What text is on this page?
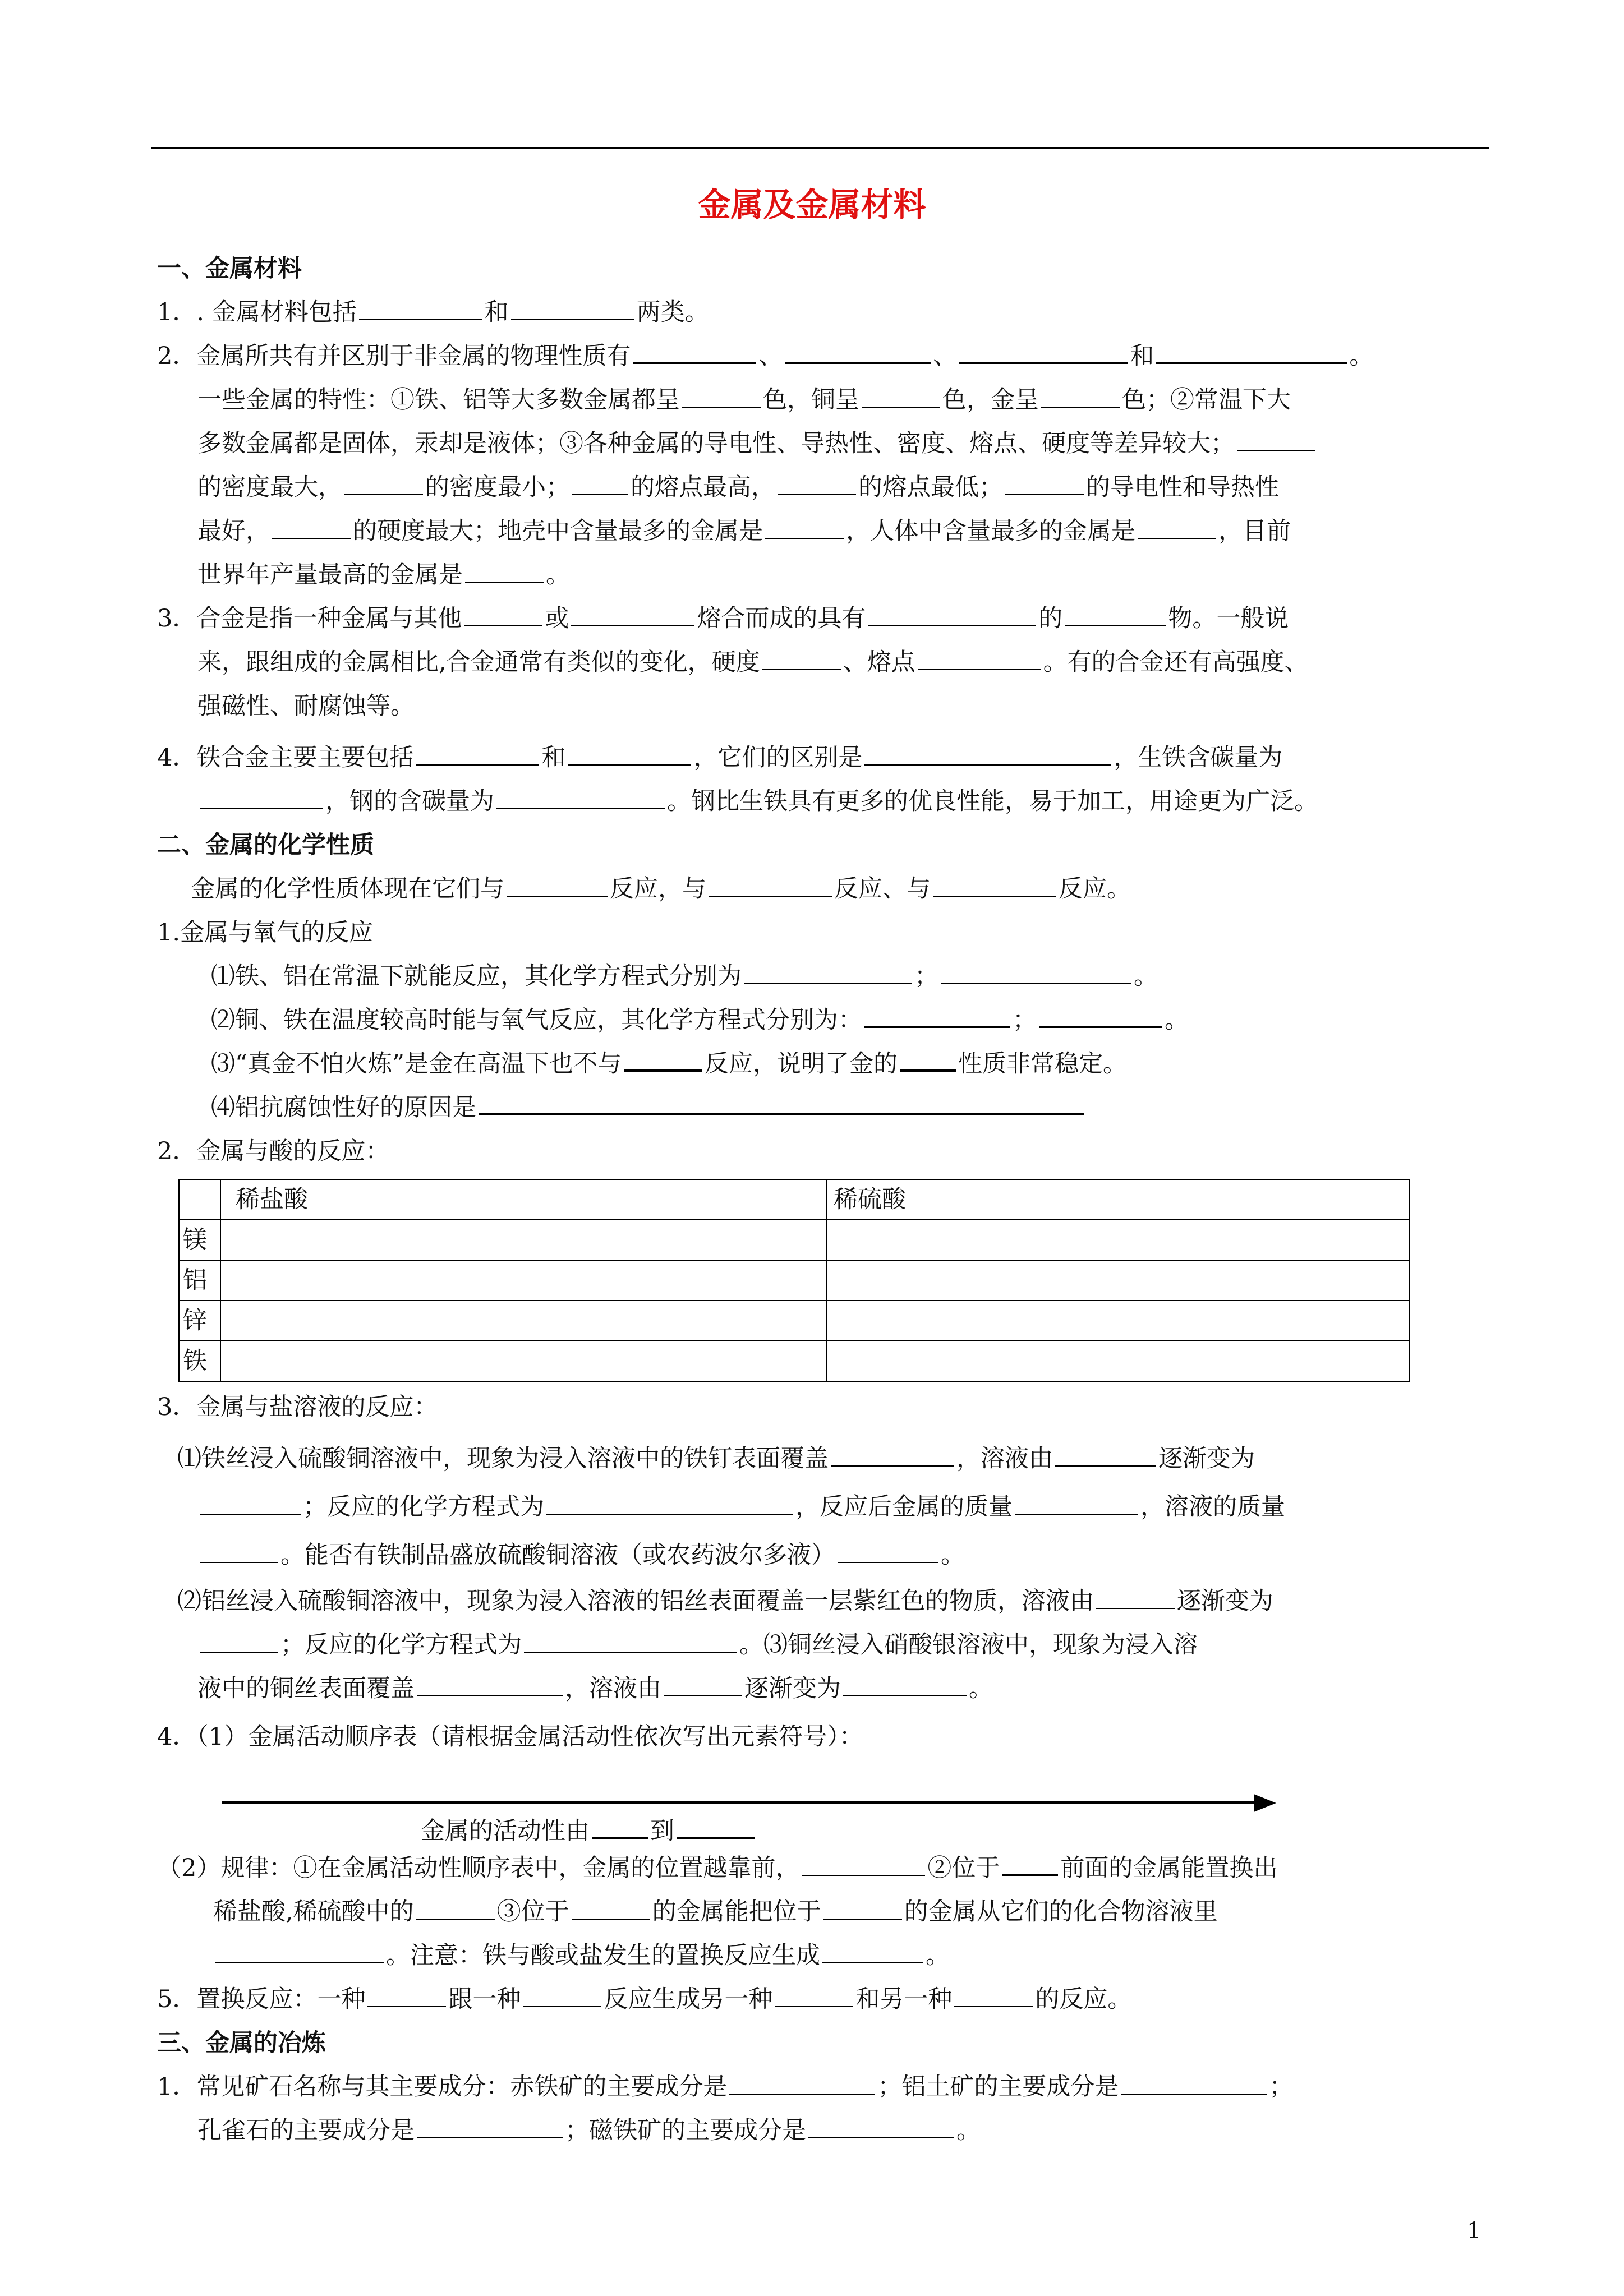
金属及金属材料
一、金属材料
1．. 金属材料包括	和	两类。
2．金属所共有并区别于非金属的物理性质有	、	、	和	。
一些金属的特性：①铁、铝等大多数金属都呈	色，铜呈	色，金呈	色；②常温下大
多数金属都是固体，汞却是液体；③各种金属的导电性、导热性、密度、熔点、硬度等差异较大；
的密度最大，	的密度最小；	的熔点最高，	的熔点最低；	的导电性和导热性
最好，	的硬度最大；地壳中含量最多的金属是	，人体中含量最多的金属是	，目前
世界年产量最高的金属是	。
3．合金是指一种金属与其他	或	熔合而成的具有	的	物。一般说
来，跟组成的金属相比,合金通常有类似的变化，硬度	、熔点	。有的合金还有高强度、
强磁性、耐腐蚀等。
4．铁合金主要主要包括	和	，它们的区别是	，生铁含碳量为
，钢的含碳量为	。钢比生铁具有更多的优良性能，易于加工，用途更为广泛。
二、金属的化学性质
金属的化学性质体现在它们与	反应，与	反应、与	反应。
1.金属与氧气的反应
⑴铁、铝在常温下就能反应，其化学方程式分别为	；	。
⑵铜、铁在温度较高时能与氧气反应，其化学方程式分别为：	；	。
⑶“真金不怕火炼”是金在高温下也不与	反应，说明了金的	性质非常稳定。
⑷铝抗腐蚀性好的原因是
2．金属与酸的反应：
	稀盐酸	稀硫酸
镁		
铝		
锌		
铁		
3．金属与盐溶液的反应：
⑴铁丝浸入硫酸铜溶液中，现象为浸入溶液中的铁钉表面覆盖	，溶液由	逐渐变为
；反应的化学方程式为	，反应后金属的质量	，溶液的质量
。能否有铁制品盛放硫酸铜溶液（或农药波尔多液）	。
⑵铝丝浸入硫酸铜溶液中，现象为浸入溶液的铝丝表面覆盖一层紫红色的物质，溶液由	逐渐变为
；反应的化学方程式为	。⑶铜丝浸入硝酸银溶液中，现象为浸入溶
液中的铜丝表面覆盖	，溶液由	逐渐变为	。
4．（1）金属活动顺序表（请根据金属活动性依次写出元素符号）：
金属的活动性由	到
（2）规律：①在金属活动性顺序表中，金属的位置越靠前，	②位于	前面的金属能置换出
稀盐酸,稀硫酸中的	③位于	的金属能把位于	的金属从它们的化合物溶液里
。注意：铁与酸或盐发生的置换反应生成	。
5．置换反应：一种	跟一种	反应生成另一种	和另一种	的反应。
三、金属的冶炼
1．常见矿石名称与其主要成分：赤铁矿的主要成分是	；铝土矿的主要成分是	；
孔雀石的主要成分是	；磁铁矿的主要成分是	。
1
